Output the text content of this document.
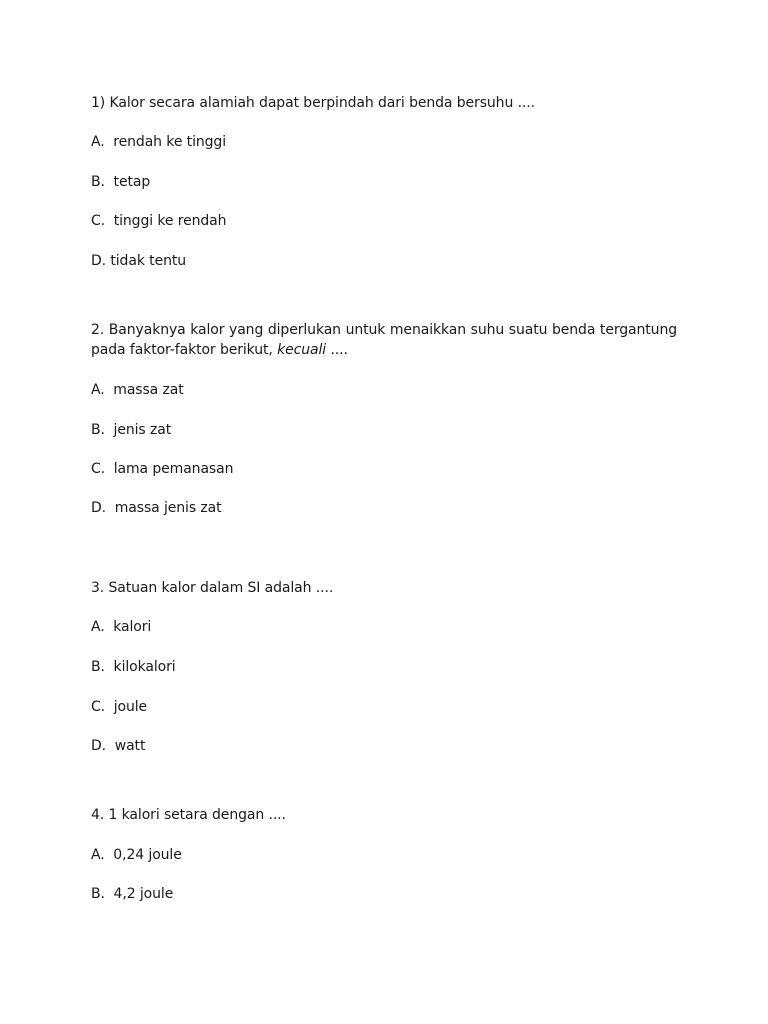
1) Kalor secara alamiah dapat berpindah dari benda bersuhu ....

A.  rendah ke tinggi

B.  tetap

C.  tinggi ke rendah

D. tidak tentu

2. Banyaknya kalor yang diperlukan untuk menaikkan suhu suatu benda tergantung pada faktor-faktor berikut, kecuali ....

A.  massa zat

B.  jenis zat

C.  lama pemanasan

D.  massa jenis zat

3. Satuan kalor dalam SI adalah ....

A.  kalori

B.  kilokalori

C.  joule

D.  watt

4. 1 kalori setara dengan ....

A.  0,24 joule

B.  4,2 joule
